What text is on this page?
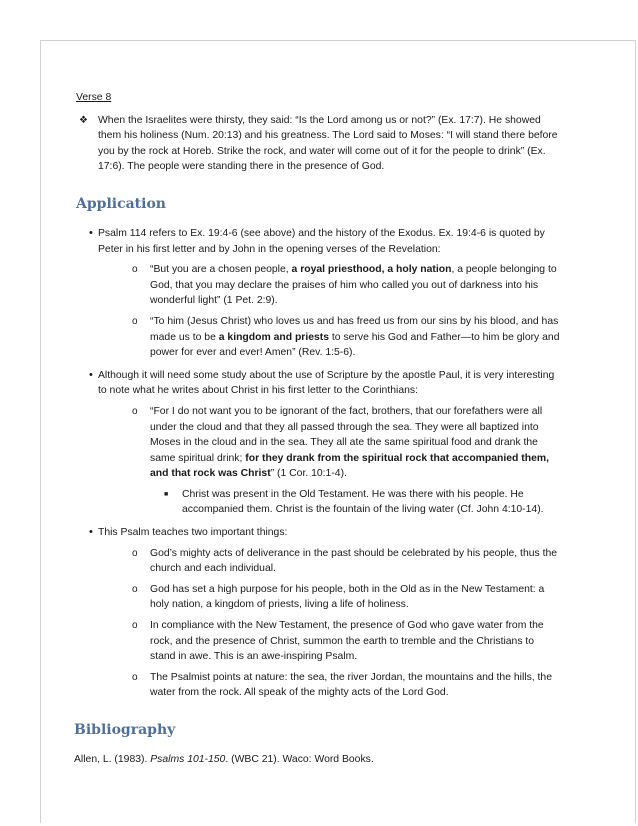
Verse 8
❖ When the Israelites were thirsty, they said: “Is the Lord among us or not?” (Ex. 17:7). He showed them his holiness (Num. 20:13) and his greatness. The Lord said to Moses: “I will stand there before you by the rock at Horeb. Strike the rock, and water will come out of it for the people to drink” (Ex. 17:6). The people were standing there in the presence of God.
Application
• Psalm 114 refers to Ex. 19:4-6 (see above) and the history of the Exodus. Ex. 19:4-6 is quoted by Peter in his first letter and by John in the opening verses of the Revelation:
o “But you are a chosen people, a royal priesthood, a holy nation, a people belonging to God, that you may declare the praises of him who called you out of darkness into his wonderful light” (1 Pet. 2:9).
o “To him (Jesus Christ) who loves us and has freed us from our sins by his blood, and has made us to be a kingdom and priests to serve his God and Father—to him be glory and power for ever and ever! Amen” (Rev. 1:5-6).
• Although it will need some study about the use of Scripture by the apostle Paul, it is very interesting to note what he writes about Christ in his first letter to the Corinthians:
o “For I do not want you to be ignorant of the fact, brothers, that our forefathers were all under the cloud and that they all passed through the sea. They were all baptized into Moses in the cloud and in the sea. They all ate the same spiritual food and drank the same spiritual drink; for they drank from the spiritual rock that accompanied them, and that rock was Christ” (1 Cor. 10:1-4).
■ Christ was present in the Old Testament. He was there with his people. He accompanied them. Christ is the fountain of the living water (Cf. John 4:10-14).
• This Psalm teaches two important things:
o God’s mighty acts of deliverance in the past should be celebrated by his people, thus the church and each individual.
o God has set a high purpose for his people, both in the Old as in the New Testament: a holy nation, a kingdom of priests, living a life of holiness.
o In compliance with the New Testament, the presence of God who gave water from the rock, and the presence of Christ, summon the earth to tremble and the Christians to stand in awe. This is an awe-inspiring Psalm.
o The Psalmist points at nature: the sea, the river Jordan, the mountains and the hills, the water from the rock. All speak of the mighty acts of the Lord God.
Bibliography
Allen, L. (1983). Psalms 101-150. (WBC 21). Waco: Word Books.
